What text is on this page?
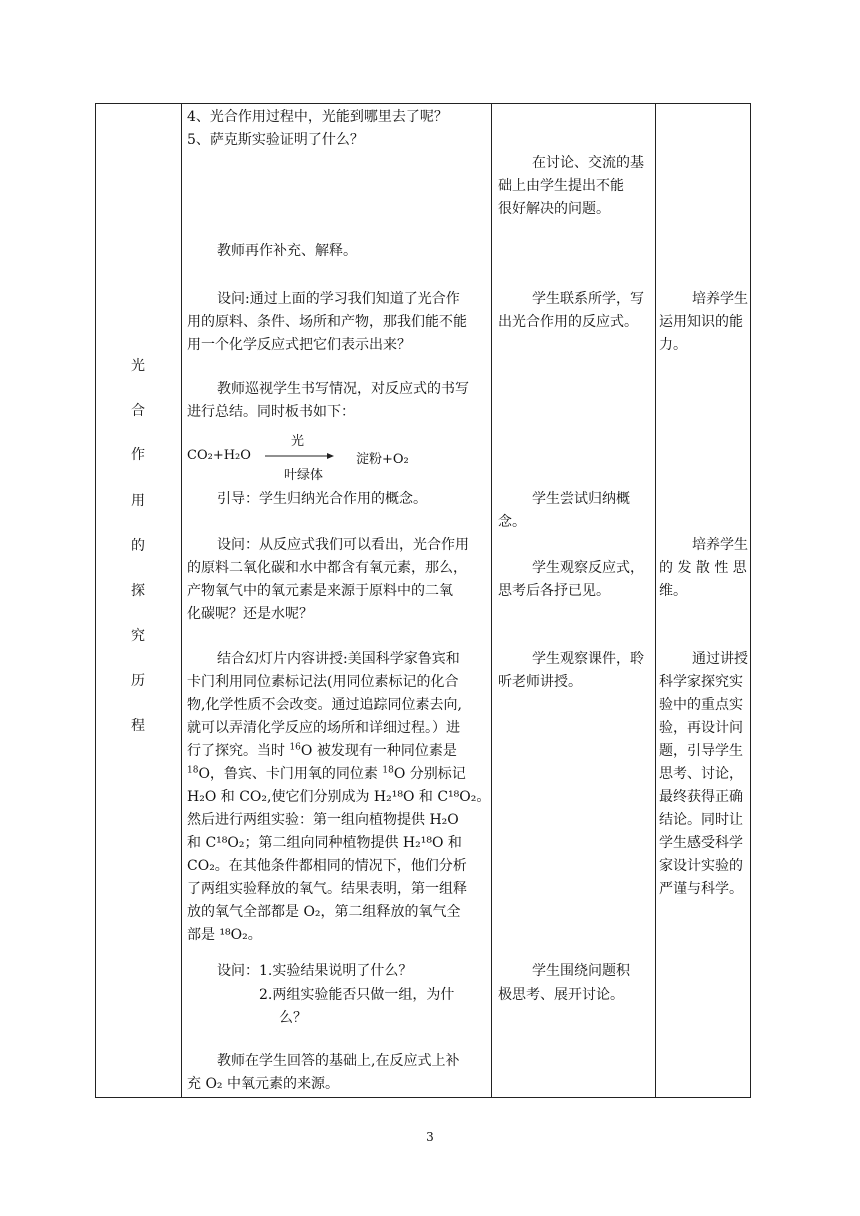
光
合
作
用
的
探
究
历
程
4、光合作用过程中，光能到哪里去了呢？
5、萨克斯实验证明了什么？
教师再作补充、解释。
设问:通过上面的学习我们知道了光合作
用的原料、条件、场所和产物，那我们能不能
用一个化学反应式把它们表示出来？
教师巡视学生书写情况，对反应式的书写
进行总结。同时板书如下：
CO₂+H₂O
光
叶绿体
淀粉+O₂
引导：学生归纳光合作用的概念。
设问：从反应式我们可以看出，光合作用
的原料二氧化碳和水中都含有氧元素，那么，
产物氧气中的氧元素是来源于原料中的二氧
化碳呢？还是水呢？
结合幻灯片内容讲授:美国科学家鲁宾和
卡门利用同位素标记法(用同位素标记的化合
物,化学性质不会改变。通过追踪同位素去向,
就可以弄清化学反应的场所和详细过程。）进
行了探究。当时 $^{16}$O 被发现有一种同位素是
$^{18}$O，鲁宾、卡门用氧的同位素 $^{18}$O 分别标记
H₂O 和 CO₂,使它们分别成为 H₂¹⁸O 和 C¹⁸O₂。
然后进行两组实验：第一组向植物提供 H₂O
和 C¹⁸O₂；第二组向同种植物提供 H₂¹⁸O 和
CO₂。在其他条件都相同的情况下，他们分析
了两组实验释放的氧气。结果表明，第一组释
放的氧气全部都是 O₂，第二组释放的氧气全
部是 ¹⁸O₂。
设问：1.实验结果说明了什么？
2.两组实验能否只做一组，为什
么？
教师在学生回答的基础上,在反应式上补
充 O₂ 中氧元素的来源。
在讨论、交流的基
础上由学生提出不能
很好解决的问题。
学生联系所学，写
出光合作用的反应式。
学生尝试归纳概
念。
学生观察反应式，
思考后各抒已见。
学生观察课件，聆
听老师讲授。
学生围绕问题积
极思考、展开讨论。
培养学生
运用知识的能
力。
培养学生
的 发 散 性 思
维。
通过讲授
科学家探究实
验中的重点实
验，再设计问
题，引导学生
思考、讨论，
最终获得正确
结论。同时让
学生感受科学
家设计实验的
严谨与科学。
3
